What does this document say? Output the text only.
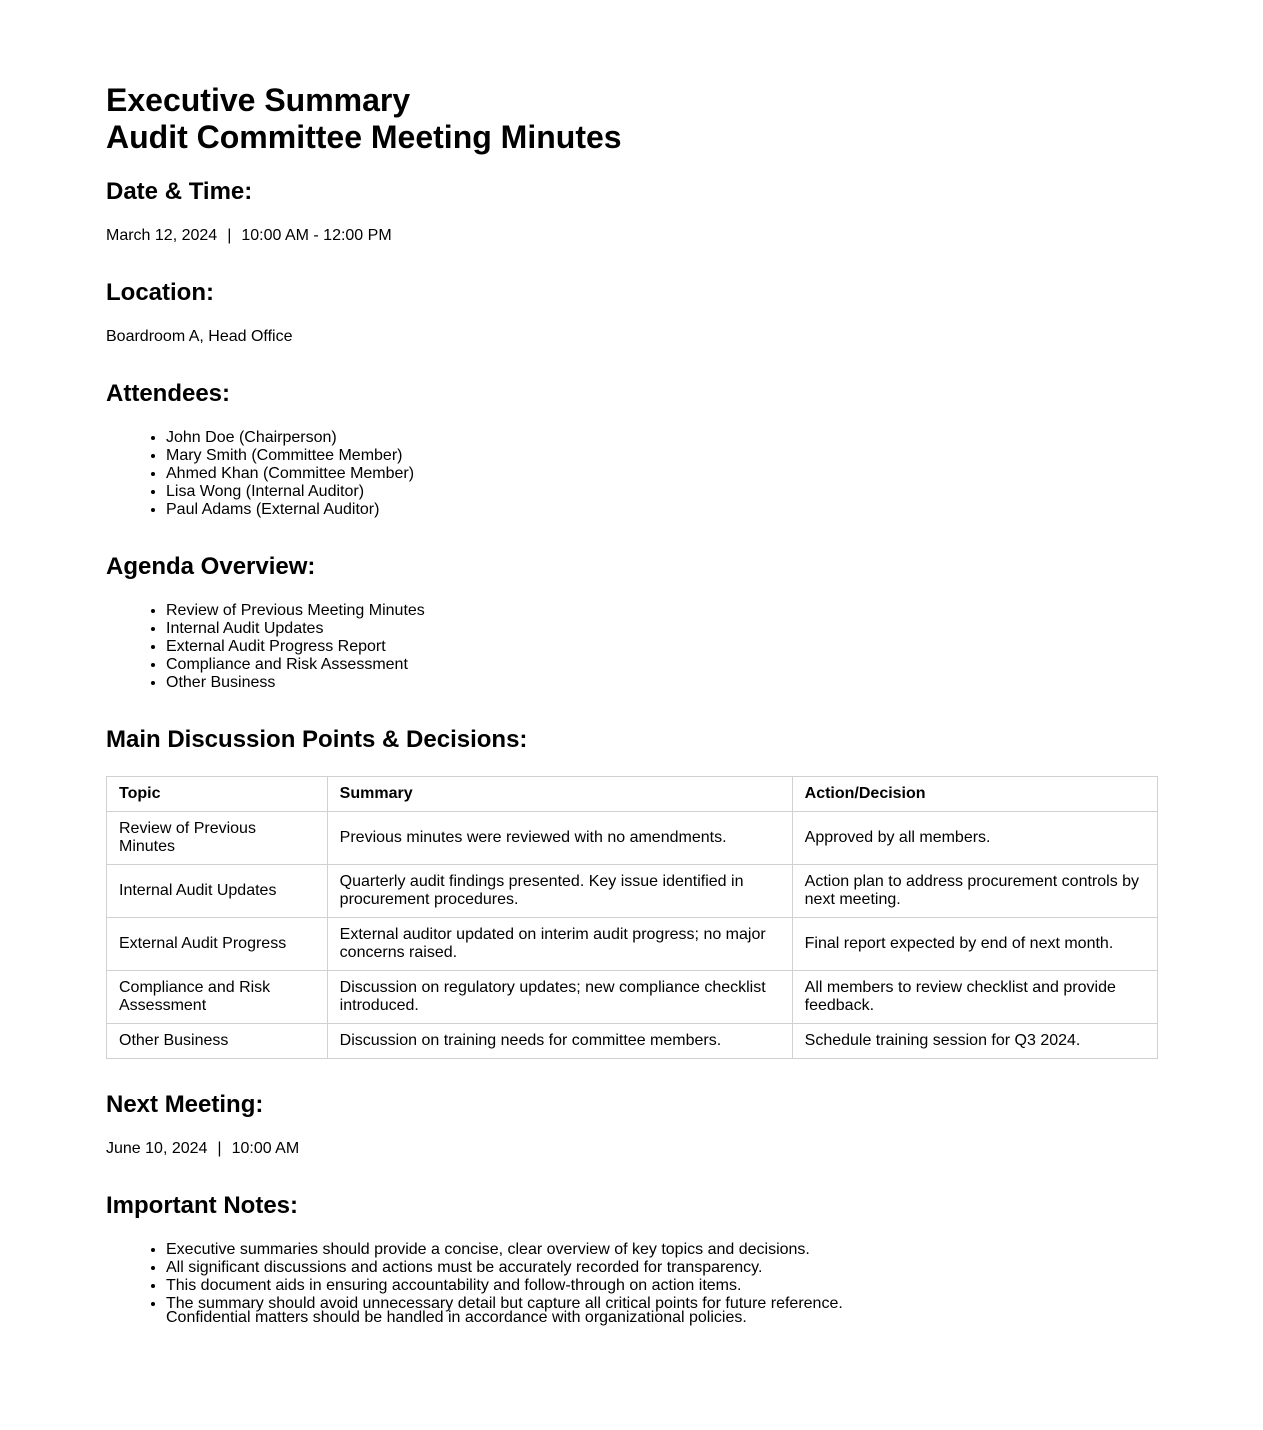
Executive Summary
Audit Committee Meeting Minutes
Date & Time:

March 12, 2024 | 10:00 AM - 12:00 PM

Location:

Boardroom A, Head Office

Attendees:
• John Doe (Chairperson)
• Mary Smith (Committee Member)
• Ahmed Khan (Committee Member)
• Lisa Wong (Internal Auditor)
• Paul Adams (External Auditor)
Agenda Overview:
• Review of Previous Meeting Minutes
• Internal Audit Updates
• External Audit Progress Report
• Compliance and Risk Assessment
• Other Business
Main Discussion Points & Decisions:
Topic	Summary	Action/Decision
Review of Previous Minutes	Previous minutes were reviewed with no amendments.	Approved by all members.
Internal Audit Updates	Quarterly audit findings presented. Key issue identified in procurement procedures.	Action plan to address procurement controls by next meeting.
External Audit Progress	External auditor updated on interim audit progress; no major concerns raised.	Final report expected by end of next month.
Compliance and Risk Assessment	Discussion on regulatory updates; new compliance checklist introduced.	All members to review checklist and provide feedback.
Other Business	Discussion on training needs for committee members.	Schedule training session for Q3 2024.
Next Meeting:

June 10, 2024 | 10:00 AM

Important Notes:
• Executive summaries should provide a concise, clear overview of key topics and decisions.
• All significant discussions and actions must be accurately recorded for transparency.
• This document aids in ensuring accountability and follow-through on action items.
• The summary should avoid unnecessary detail but capture all critical points for future reference.
Confidential matters should be handled in accordance with organizational policies.
